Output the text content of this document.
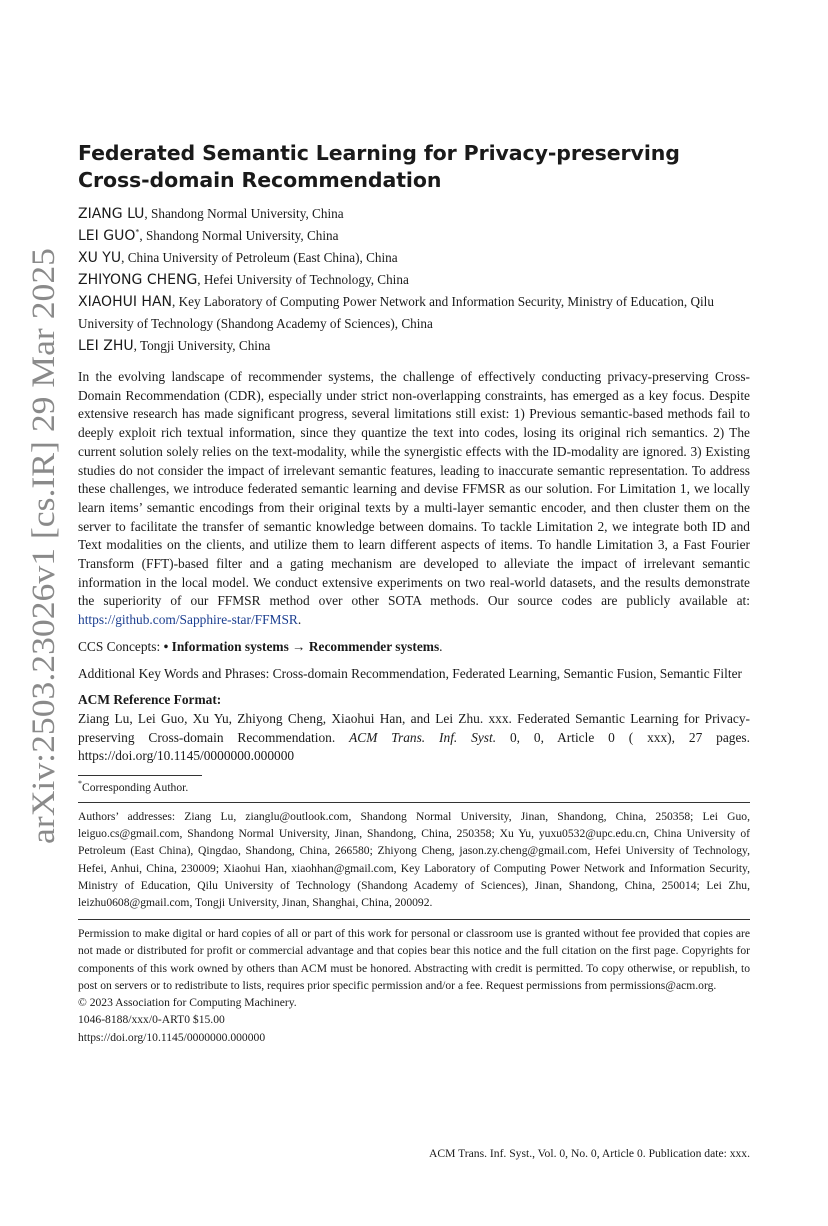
arXiv:2503.23026v1 [cs.IR] 29 Mar 2025
Federated Semantic Learning for Privacy-preserving
Cross-domain Recommendation
ZIANG LU, Shandong Normal University, China
LEI GUO*, Shandong Normal University, China
XU YU, China University of Petroleum (East China), China
ZHIYONG CHENG, Hefei University of Technology, China
XIAOHUI HAN, Key Laboratory of Computing Power Network and Information Security, Ministry of Education, Qilu University of Technology (Shandong Academy of Sciences), China
LEI ZHU, Tongji University, China

In the evolving landscape of recommender systems, the challenge of effectively conducting privacy-preserving Cross-Domain Recommendation (CDR), especially under strict non-overlapping constraints, has emerged as a key focus. Despite extensive research has made significant progress, several limitations still exist: 1) Previous semantic-based methods fail to deeply exploit rich textual information, since they quantize the text into codes, losing its original rich semantics. 2) The current solution solely relies on the text-modality, while the synergistic effects with the ID-modality are ignored. 3) Existing studies do not consider the impact of irrelevant semantic features, leading to inaccurate semantic representation. To address these challenges, we introduce federated semantic learning and devise FFMSR as our solution. For Limitation 1, we locally learn items’ semantic encodings from their original texts by a multi-layer semantic encoder, and then cluster them on the server to facilitate the transfer of semantic knowledge between domains. To tackle Limitation 2, we integrate both ID and Text modalities on the clients, and utilize them to learn different aspects of items. To handle Limitation 3, a Fast Fourier Transform (FFT)-based filter and a gating mechanism are developed to alleviate the impact of irrelevant semantic information in the local model. We conduct extensive experiments on two real-world datasets, and the results demonstrate the superiority of our FFMSR method over other SOTA methods. Our source codes are publicly available at: https://github.com/Sapphire-star/FFMSR.

CCS Concepts: • Information systems → Recommender systems.

Additional Key Words and Phrases: Cross-domain Recommendation, Federated Learning, Semantic Fusion, Semantic Filter

ACM Reference Format:

Ziang Lu, Lei Guo, Xu Yu, Zhiyong Cheng, Xiaohui Han, and Lei Zhu. xxx. Federated Semantic Learning for Privacy-preserving Cross-domain Recommendation. ACM Trans. Inf. Syst. 0, 0, Article 0 ( xxx), 27 pages. https://doi.org/10.1145/0000000.000000

*Corresponding Author.

Authors’ addresses: Ziang Lu, zianglu@outlook.com, Shandong Normal University, Jinan, Shandong, China, 250358; Lei Guo, leiguo.cs@gmail.com, Shandong Normal University, Jinan, Shandong, China, 250358; Xu Yu, yuxu0532@upc.edu.cn, China University of Petroleum (East China), Qingdao, Shandong, China, 266580; Zhiyong Cheng, jason.zy.cheng@gmail.com, Hefei University of Technology, Hefei, Anhui, China, 230009; Xiaohui Han, xiaohhan@gmail.com, Key Laboratory of Computing Power Network and Information Security, Ministry of Education, Qilu University of Technology (Shandong Academy of Sciences), Jinan, Shandong, China, 250014; Lei Zhu, leizhu0608@gmail.com, Tongji University, Jinan, Shanghai, China, 200092.

Permission to make digital or hard copies of all or part of this work for personal or classroom use is granted without fee provided that copies are not made or distributed for profit or commercial advantage and that copies bear this notice and the full citation on the first page. Copyrights for components of this work owned by others than ACM must be honored. Abstracting with credit is permitted. To copy otherwise, or republish, to post on servers or to redistribute to lists, requires prior specific permission and/or a fee. Request permissions from permissions@acm.org.

© 2023 Association for Computing Machinery.

1046-8188/xxx/0-ART0 $15.00

https://doi.org/10.1145/0000000.000000

ACM Trans. Inf. Syst., Vol. 0, No. 0, Article 0. Publication date: xxx.
